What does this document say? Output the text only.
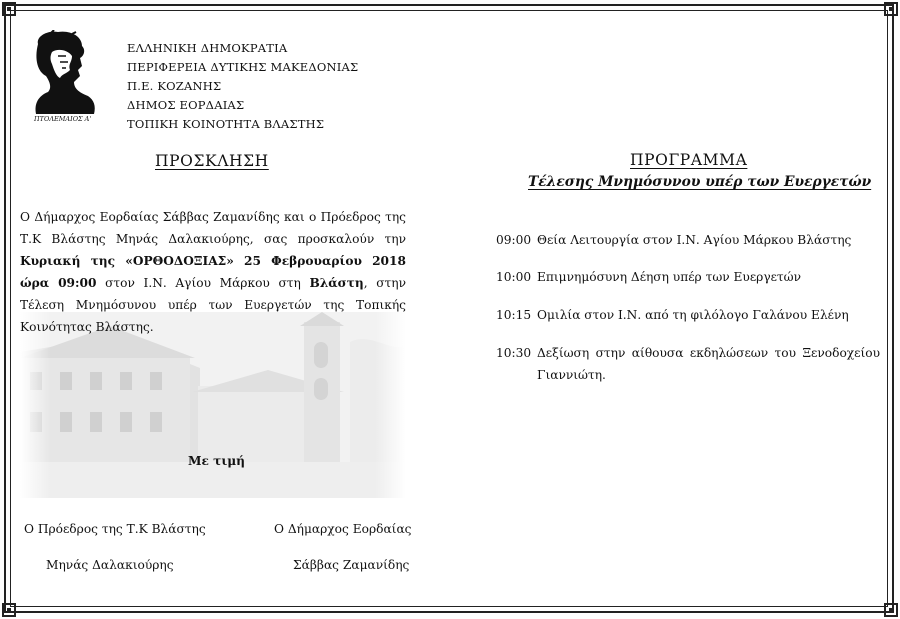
ΠΤΟΛΕΜΑΙΟΣ Α'
ΕΛΛΗΝΙΚΗ ΔΗΜΟΚΡΑΤΙΑ
ΠΕΡΙΦΕΡΕΙΑ ΔΥΤΙΚΗΣ ΜΑΚΕΔΟΝΙΑΣ
Π.Ε. ΚΟΖΑΝΗΣ
ΔΗΜΟΣ ΕΟΡΔΑΙΑΣ
ΤΟΠΙΚΗ ΚΟΙΝΟΤΗΤΑ ΒΛΑΣΤΗΣ
ΠΡΟΣΚΛΗΣΗ
Ο Δήμαρχος Εορδαίας Σάββας Ζαμανίδης και ο Πρόεδρος της Τ.Κ Βλάστης Μηνάς Δαλακιούρης, σας προσκαλούν την Κυριακή της «ΟΡΘΟΔΟΞΙΑΣ» 25 Φεβρουαρίου 2018 ώρα 09:00 στον Ι.Ν. Αγίου Μάρκου στη Βλάστη, στην Τέλεση Μνημόσυνου υπέρ των Ευεργετών της Τοπικής Κοινότητας Βλάστης.
Με τιμή
Ο Πρόεδρος της Τ.Κ Βλάστης
Μηνάς Δαλακιούρης
Ο Δήμαρχος Εορδαίας
Σάββας Ζαμανίδης
ΠΡΟΓΡΑΜΜΑ
Τέλεσης Μνημόσυνου υπέρ των Ευεργετών
09:00 Θεία Λειτουργία στον Ι.Ν. Αγίου Μάρκου Βλάστης
10:00 Επιμνημόσυνη Δέηση υπέρ των Ευεργετών
10:15 Ομιλία στον Ι.Ν. από τη φιλόλογο Γαλάνου Ελένη
10:30 Δεξίωση στην αίθουσα εκδηλώσεων του Ξενοδοχείου Γιαννιώτη.
